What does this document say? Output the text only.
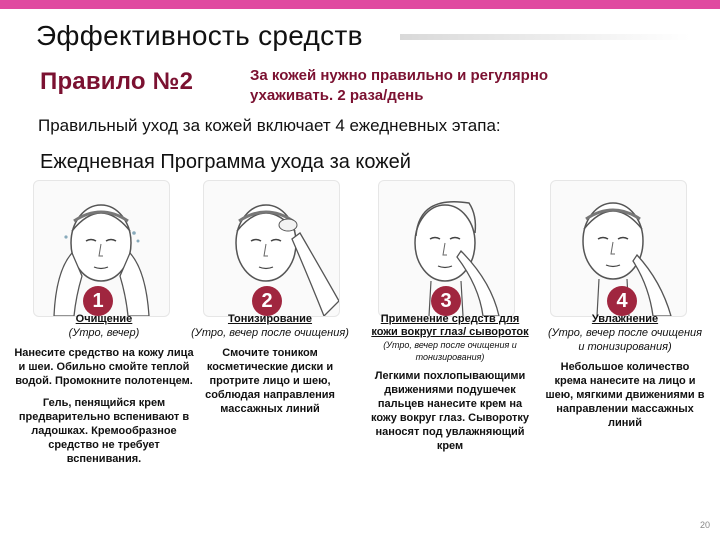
Эффективность средств
Правило №2	За кожей нужно правильно и регулярно ухаживать. 2 раза/день
Правильный уход за кожей включает 4 ежедневных этапа:
Ежедневная Программа ухода за кожей
1	2	3	4
Очищение
(Утро, вечер)
Нанесите средство на кожу лица и шеи. Обильно смойте теплой водой. Промокните полотенцем.
Гель, пенящийся крем предварительно вспенивают в ладошках. Кремообразное средство не требует вспенивания.
Тонизирование
(Утро, вечер после очищения)
Смочите тоником косметические диски и протрите лицо и шею, соблюдая направления массажных линий
Применение средств для кожи вокруг глаз/ сывороток
(Утро, вечер после очищения и тонизирования)
Легкими похлопывающими движениями подушечек пальцев нанесите крем на кожу вокруг глаз. Сыворотку наносят под увлажняющий крем
Увлажнение
(Утро, вечер после очищения и тонизирования)
Небольшое количество крема нанесите на лицо и шею, мягкими движениями в направлении массажных линий
20
